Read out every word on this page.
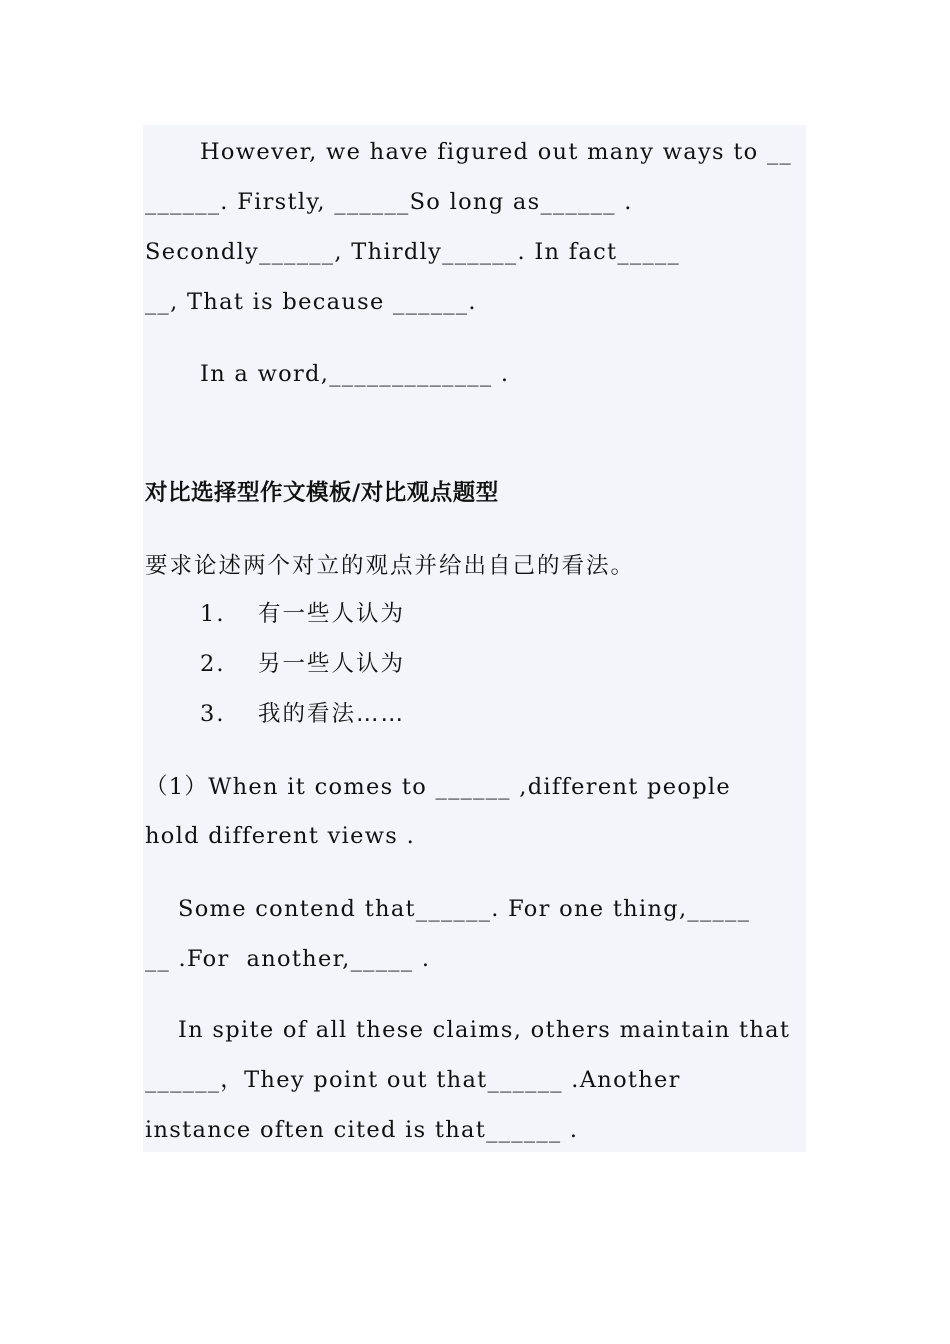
However, we have figured out many ways to __
______. Firstly, ______So long as______ .
Secondly______, Thirdly______. In fact_____
__, That is because ______.
In a word,_____________ .
对比选择型作文模板/对比观点题型
要求论述两个对立的观点并给出自己的看法。
1. 有一些人认为
2. 另一些人认为
3. 我的看法……
（1）When it comes to ______ ,different people
hold different views .
Some contend that______. For one thing,_____
__ .For  another,_____ .
In spite of all these claims, others maintain that
______，They point out that______ .Another
instance often cited is that______ .
